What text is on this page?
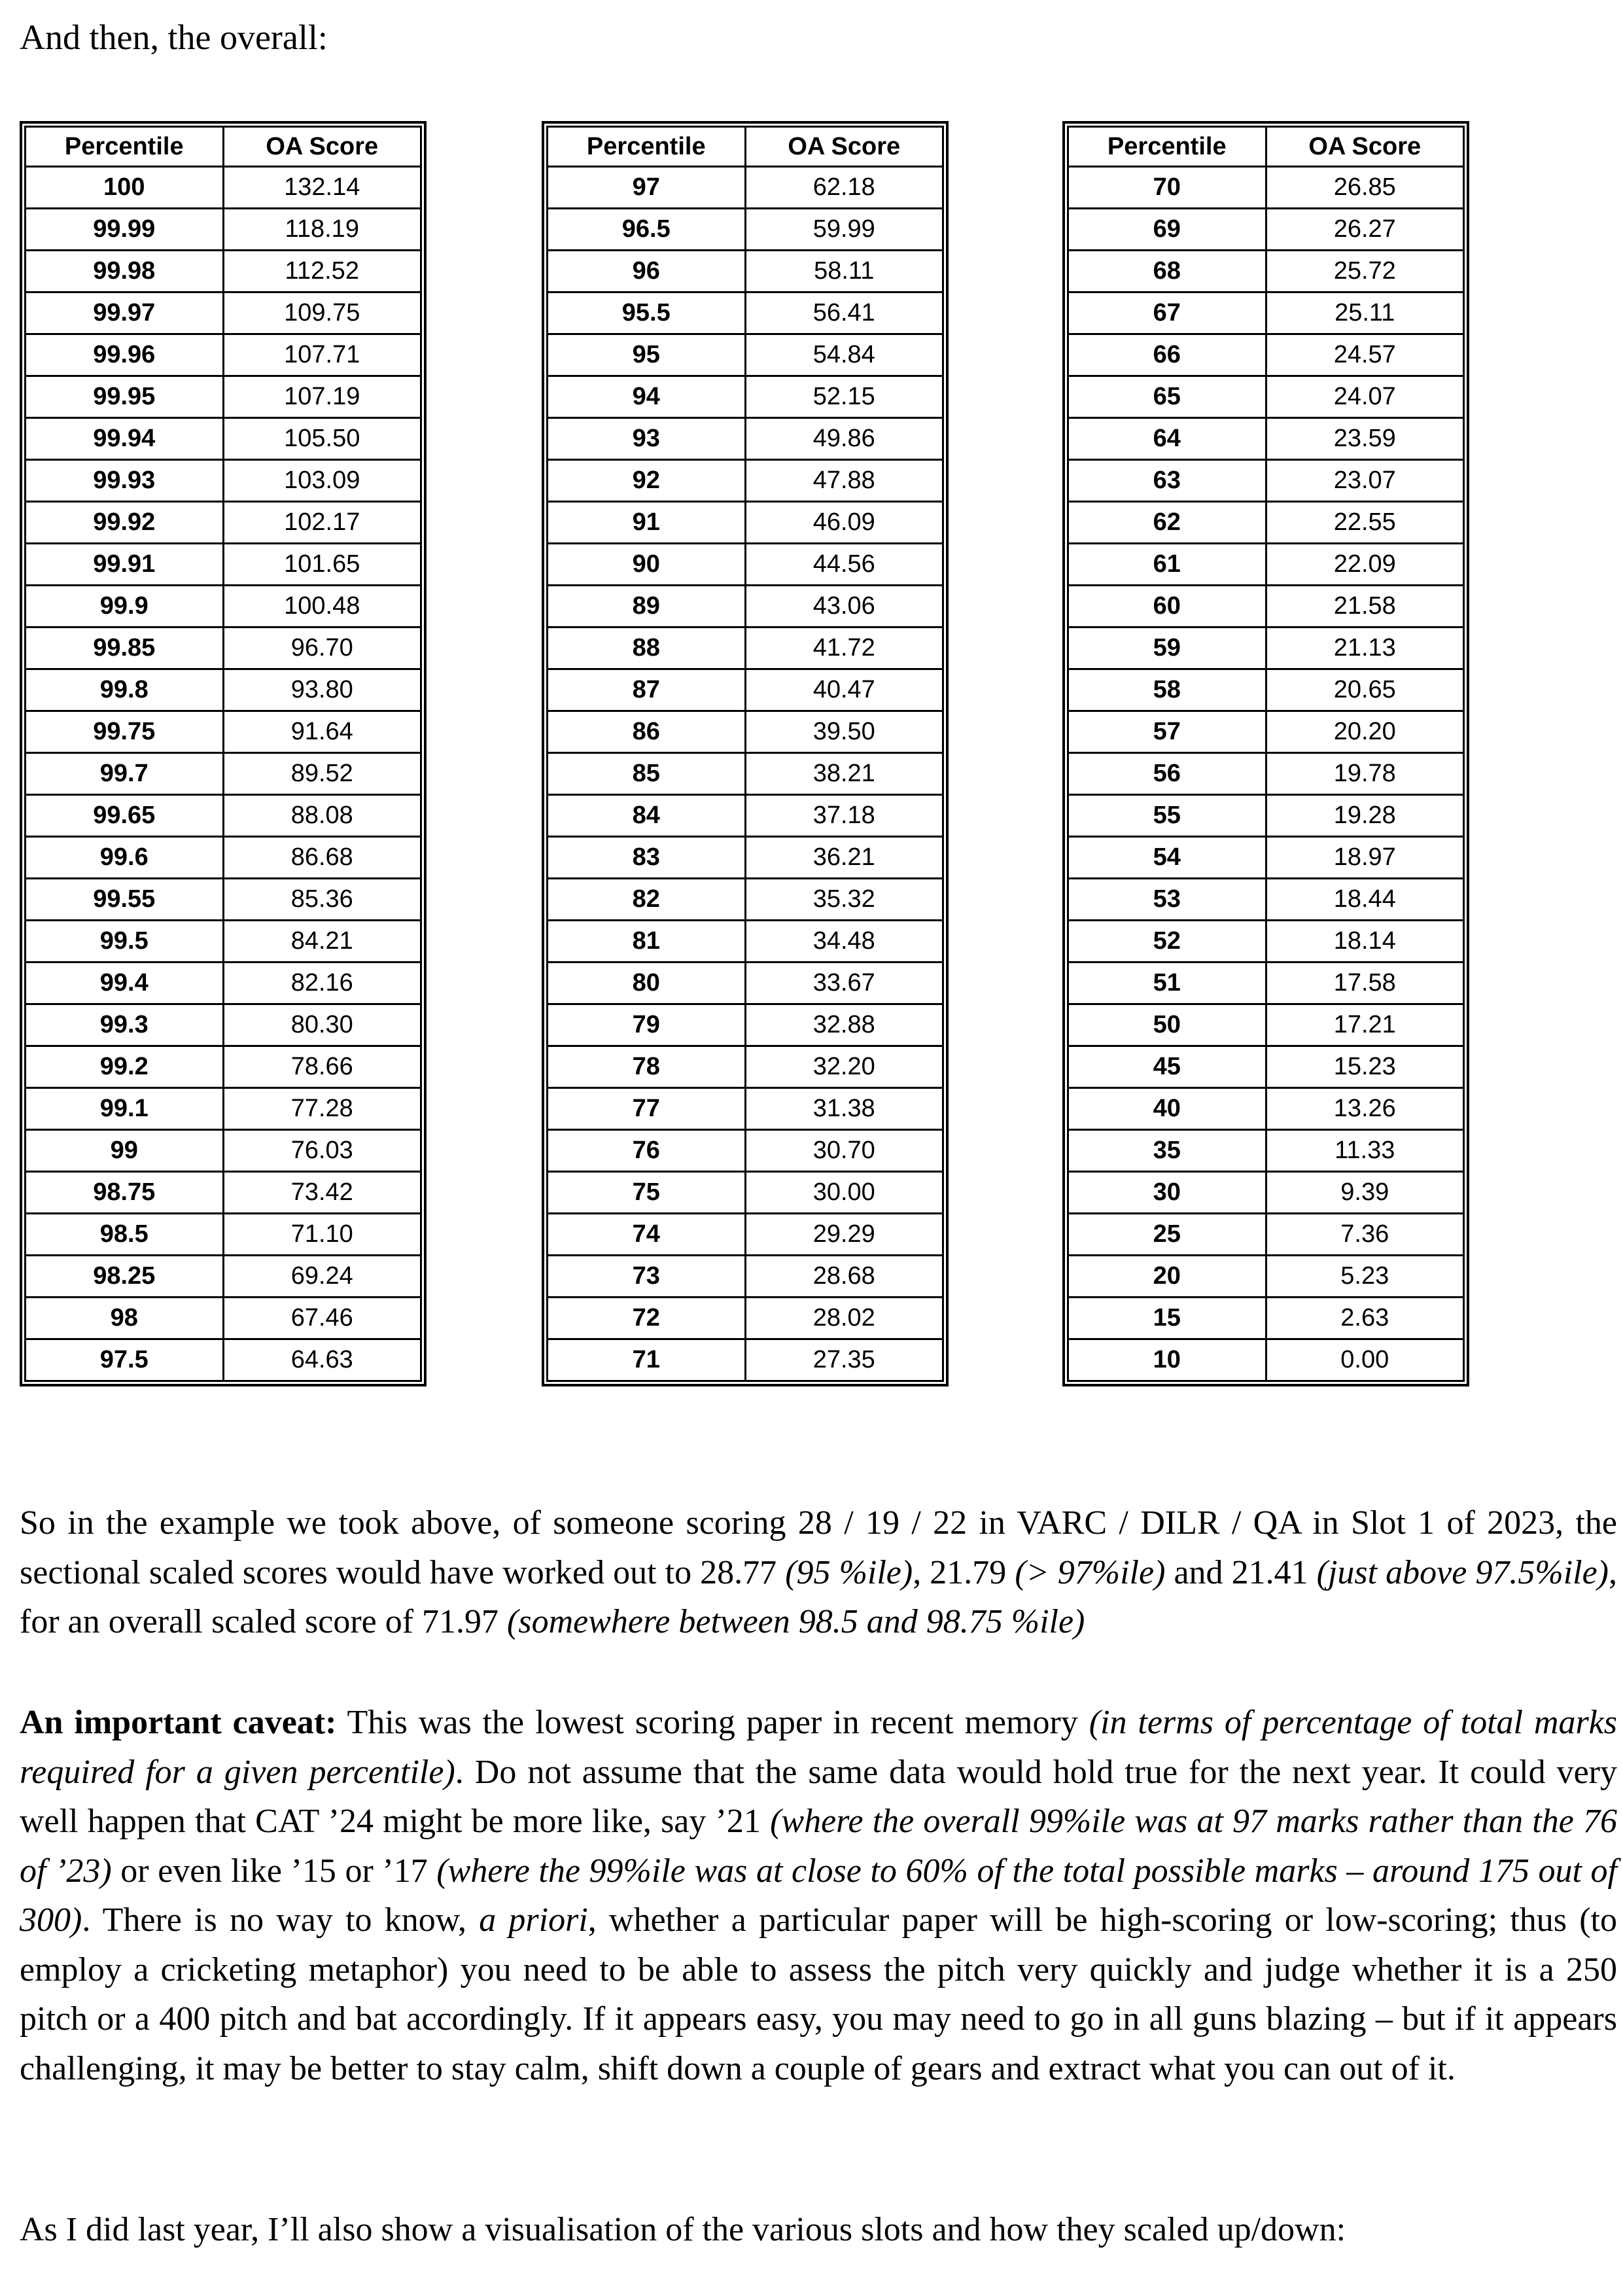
And then, the overall:
Percentile	OA Score
100	132.14
99.99	118.19
99.98	112.52
99.97	109.75
99.96	107.71
99.95	107.19
99.94	105.50
99.93	103.09
99.92	102.17
99.91	101.65
99.9	100.48
99.85	96.70
99.8	93.80
99.75	91.64
99.7	89.52
99.65	88.08
99.6	86.68
99.55	85.36
99.5	84.21
99.4	82.16
99.3	80.30
99.2	78.66
99.1	77.28
99	76.03
98.75	73.42
98.5	71.10
98.25	69.24
98	67.46
97.5	64.63
Percentile	OA Score
97	62.18
96.5	59.99
96	58.11
95.5	56.41
95	54.84
94	52.15
93	49.86
92	47.88
91	46.09
90	44.56
89	43.06
88	41.72
87	40.47
86	39.50
85	38.21
84	37.18
83	36.21
82	35.32
81	34.48
80	33.67
79	32.88
78	32.20
77	31.38
76	30.70
75	30.00
74	29.29
73	28.68
72	28.02
71	27.35
Percentile	OA Score
70	26.85
69	26.27
68	25.72
67	25.11
66	24.57
65	24.07
64	23.59
63	23.07
62	22.55
61	22.09
60	21.58
59	21.13
58	20.65
57	20.20
56	19.78
55	19.28
54	18.97
53	18.44
52	18.14
51	17.58
50	17.21
45	15.23
40	13.26
35	11.33
30	9.39
25	7.36
20	5.23
15	2.63
10	0.00

So in the example we took above, of someone scoring 28 / 19 / 22 in VARC / DILR / QA in Slot 1 of 2023, the sectional scaled scores would have worked out to 28.77 (95 %ile), 21.79 (> 97%ile) and 21.41 (just above 97.5%ile), for an overall scaled score of 71.97 (somewhere between 98.5 and 98.75 %ile)

An important caveat: This was the lowest scoring paper in recent memory (in terms of percentage of total marks required for a given percentile). Do not assume that the same data would hold true for the next year. It could very well happen that CAT ’24 might be more like, say ’21 (where the overall 99%ile was at 97 marks rather than the 76 of ’23) or even like ’15 or ’17 (where the 99%ile was at close to 60% of the total possible marks – around 175 out of 300). There is no way to know, a priori, whether a particular paper will be high-scoring or low-scoring; thus (to employ a cricketing metaphor) you need to be able to assess the pitch very quickly and judge whether it is a 250 pitch or a 400 pitch and bat accordingly. If it appears easy, you may need to go in all guns blazing – but if it appears challenging, it may be better to stay calm, shift down a couple of gears and extract what you can out of it.

As I did last year, I’ll also show a visualisation of the various slots and how they scaled up/down:
